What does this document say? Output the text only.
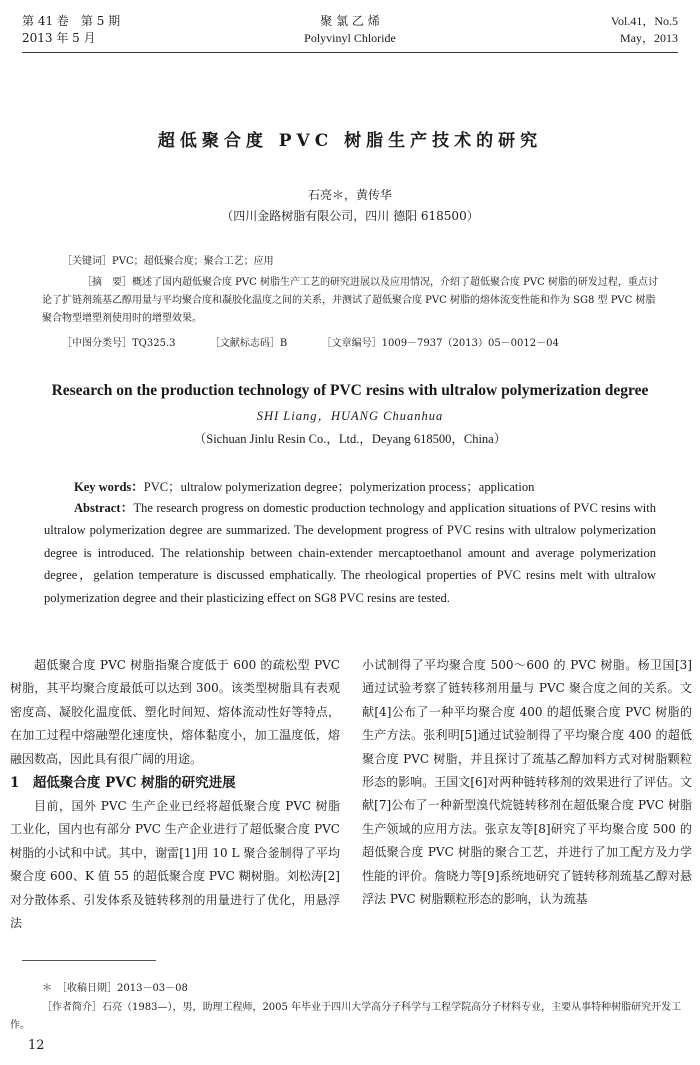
第 41 卷　第 5 期
2013 年 5 月
聚 氯 乙 烯
Polyvinyl Chloride
Vol.41，No.5
May，2013
超低聚合度 PVC 树脂生产技术的研究
石亮＊，黄传华
（四川金路树脂有限公司，四川 德阳 618500）
［关键词］PVC；超低聚合度；聚合工艺；应用
［摘　要］概述了国内超低聚合度 PVC 树脂生产工艺的研究进展以及应用情况，介绍了超低聚合度 PVC 树脂的研发过程，重点讨论了扩链剂巯基乙醇用量与平均聚合度和凝胶化温度之间的关系，并测试了超低聚合度 PVC 树脂的熔体流变性能和作为 SG8 型 PVC 树脂聚合物型增塑剂使用时的增塑效果。
［中图分类号］TQ325.3	［文献标志码］B	［文章编号］1009－7937（2013）05－0012－04
Research on the production technology of PVC resins with ultralow polymerization degree
SHI Liang，HUANG Chuanhua
（Sichuan Jinlu Resin Co.，Ltd.，Deyang 618500，China）
Key words：PVC；ultralow polymerization degree；polymerization process；application
Abstract：The research progress on domestic production technology and application situations of PVC resins with ultralow polymerization degree are summarized. The development progress of PVC resins with ultralow polymerization degree is introduced. The relationship between chain-extender mercaptoethanol amount and average polymerization degree，gelation temperature is discussed emphatically. The rheological properties of PVC resins melt with ultralow polymerization degree and their plasticizing effect on SG8 PVC resins are tested.

超低聚合度 PVC 树脂指聚合度低于 600 的疏松型 PVC 树脂，其平均聚合度最低可以达到 300。该类型树脂具有表观密度高、凝胶化温度低、塑化时间短、熔体流动性好等特点，在加工过程中熔融塑化速度快，熔体黏度小，加工温度低，熔融因数高，因此具有很广阔的用途。

1　超低聚合度 PVC 树脂的研究进展

目前，国外 PVC 生产企业已经将超低聚合度 PVC 树脂工业化，国内也有部分 PVC 生产企业进行了超低聚合度 PVC 树脂的小试和中试。其中，谢雷[1]用 10 L 聚合釜制得了平均聚合度 600、K 值 55 的超低聚合度 PVC 糊树脂。刘松涛[2]对分散体系、引发体系及链转移剂的用量进行了优化，用悬浮法

小试制得了平均聚合度 500～600 的 PVC 树脂。杨卫国[3]通过试验考察了链转移剂用量与 PVC 聚合度之间的关系。文献[4]公布了一种平均聚合度 400 的超低聚合度 PVC 树脂的生产方法。张利明[5]通过试验制得了平均聚合度 400 的超低聚合度 PVC 树脂，并且探讨了巯基乙醇加料方式对树脂颗粒形态的影响。王国文[6]对两种链转移剂的效果进行了评估。文献[7]公布了一种新型溴代烷链转移剂在超低聚合度 PVC 树脂生产领域的应用方法。张京友等[8]研究了平均聚合度 500 的超低聚合度 PVC 树脂的聚合工艺，并进行了加工配方及力学性能的评价。詹晓力等[9]系统地研究了链转移剂巯基乙醇对悬浮法 PVC 树脂颗粒形态的影响，认为巯基

＊　［收稿日期］2013－03－08
［作者简介］石亮（1983—），男，助理工程师，2005 年毕业于四川大学高分子科学与工程学院高分子材料专业，主要从事特种树脂研究开发工作。
12
